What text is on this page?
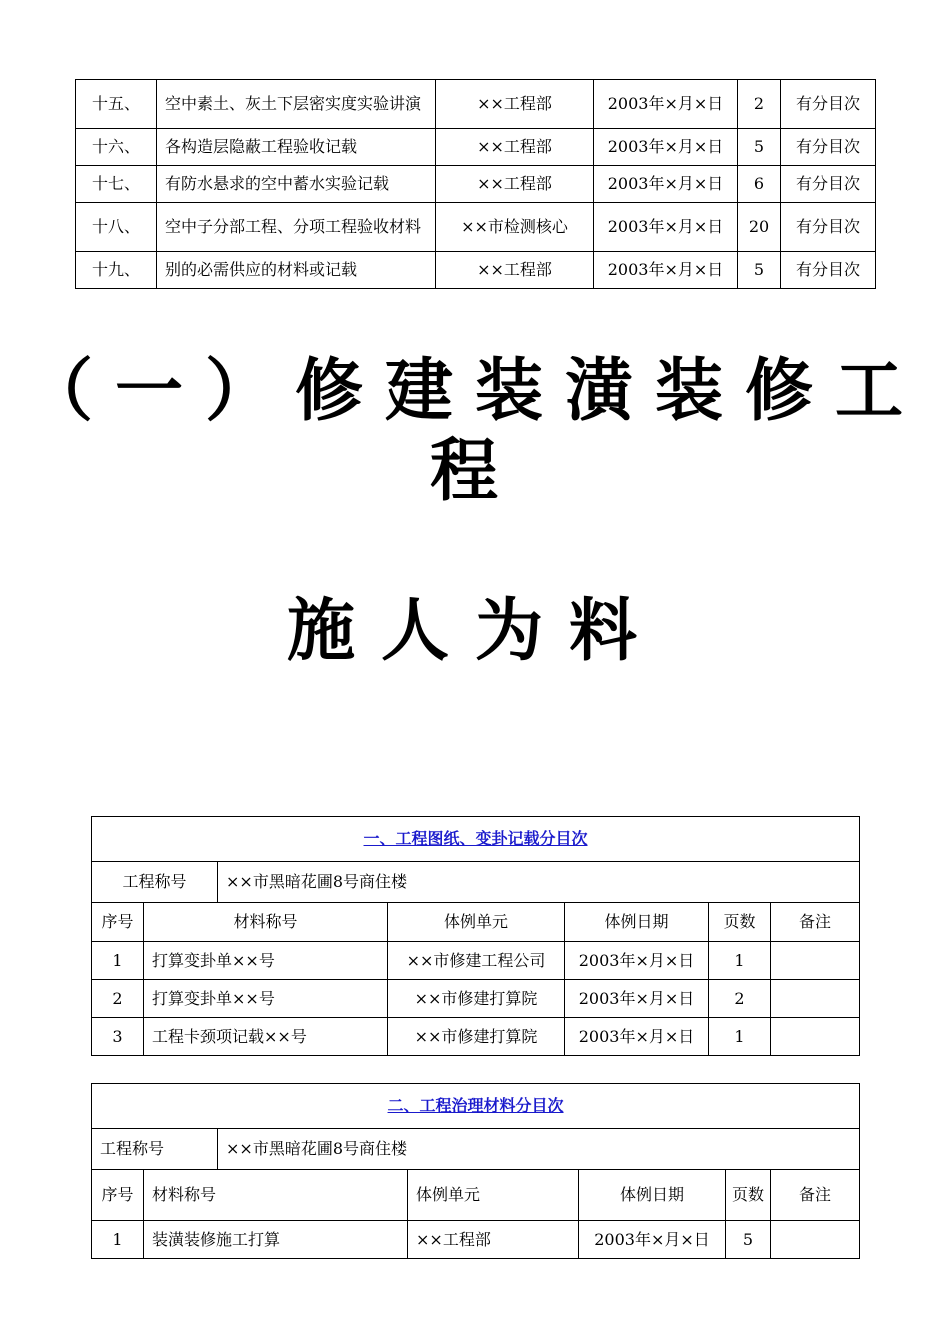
十五、	空中素土、灰土下层密实度实验讲演	××工程部	2003年×月×日	2	有分目次
十六、	各构造层隐蔽工程验收记载	××工程部	2003年×月×日	5	有分目次
十七、	有防水悬求的空中蓄水实验记载	××工程部	2003年×月×日	6	有分目次
十八、	空中子分部工程、分项工程验收材料	××市检测核心	2003年×月×日	20	有分目次
十九、	别的必需供应的材料或记载	××工程部	2003年×月×日	5	有分目次
（一）修建装潢装修工程
施人为料
一、工程图纸、变卦记载分目次						
工程称号		××市黑暗花圃8号商住楼				
序号	材料称号		体例单元	体例日期	页数	备注
1	打算变卦单××号		××市修建工程公司	2003年×月×日	1	
2	打算变卦单××号		××市修建打算院	2003年×月×日	2	
3	工程卡颈项记载××号		××市修建打算院	2003年×月×日	1	
二、工程治理材料分目次						
工程称号		××市黑暗花圃8号商住楼				
序号	材料称号		体例单元	体例日期	页数	备注
1	装潢装修施工打算		××工程部	2003年×月×日	5	
